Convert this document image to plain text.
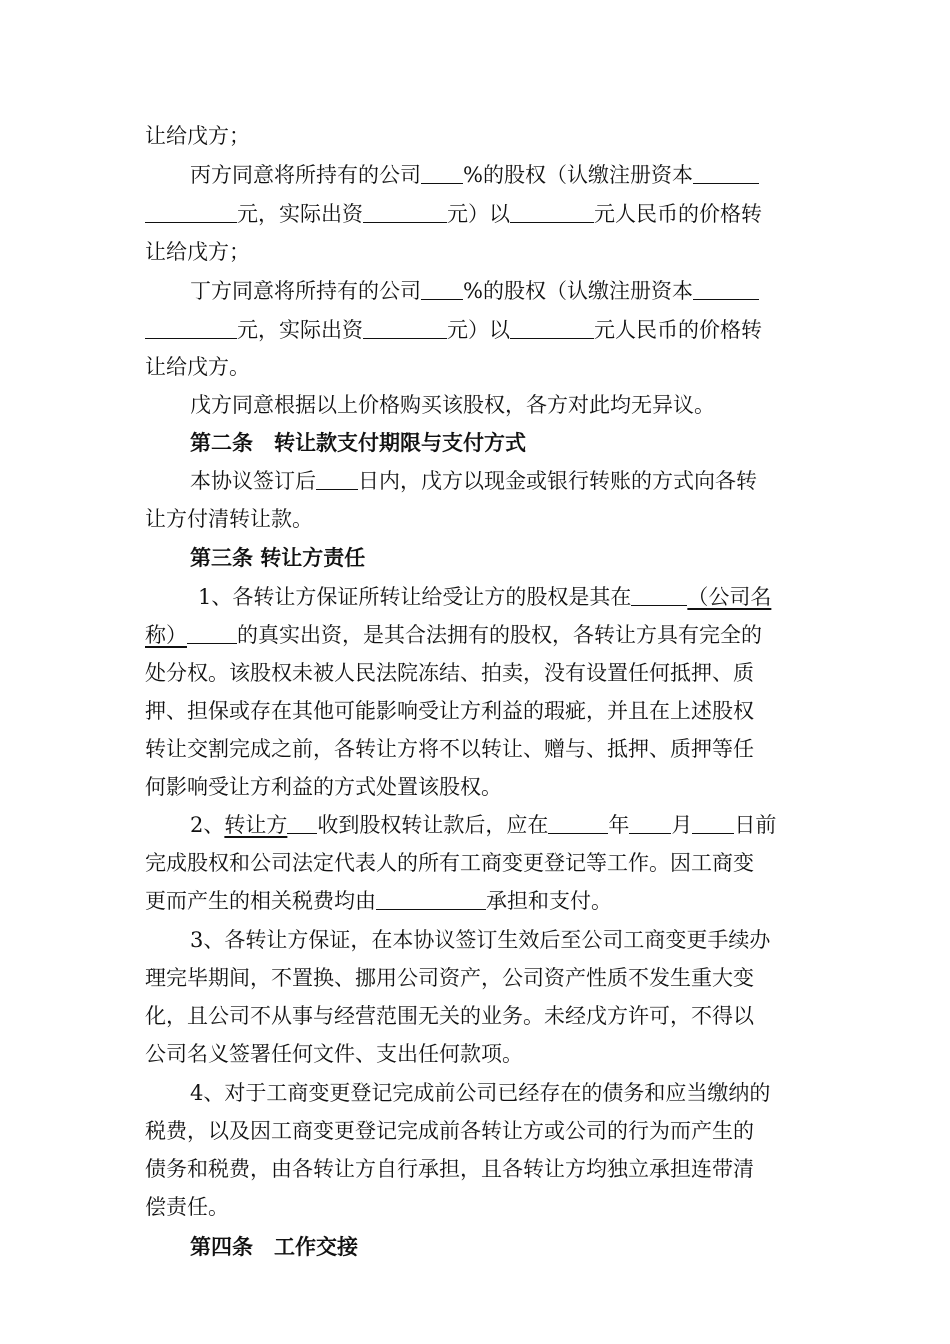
让给戊方；
丙方同意将所持有的公司 %的股权（认缴注册资本
元，实际出资	元）以	元人民币的价格转
让给戊方；
丁方同意将所持有的公司 %的股权（认缴注册资本
元，实际出资	元）以	元人民币的价格转
让给戊方。
戊方同意根据以上价格购买该股权，各方对此均无异议。
第二条　转让款支付期限与支付方式
本协议签订后 日内，戊方以现金或银行转账的方式向各转
让方付清转让款。
第三条 转让方责任
1、各转让方保证所转让给受让方的股权是其在	（公司名
称） 的真实出资，是其合法拥有的股权，各转让方具有完全的
处分权。该股权未被人民法院冻结、拍卖，没有设置任何抵押、质
押、担保或存在其他可能影响受让方利益的瑕疵，并且在上述股权
转让交割完成之前，各转让方将不以转让、赠与、抵押、质押等任
何影响受让方利益的方式处置该股权。
2、转让方 收到股权转让款后，应在	年 月 日前
完成股权和公司法定代表人的所有工商变更登记等工作。因工商变
更而产生的相关税费均由	承担和支付。
3、各转让方保证，在本协议签订生效后至公司工商变更手续办
理完毕期间，不置换、挪用公司资产，公司资产性质不发生重大变
化，且公司不从事与经营范围无关的业务。未经戊方许可，不得以
公司名义签署任何文件、支出任何款项。
4、对于工商变更登记完成前公司已经存在的债务和应当缴纳的
税费，以及因工商变更登记完成前各转让方或公司的行为而产生的
债务和税费，由各转让方自行承担，且各转让方均独立承担连带清
偿责任。
第四条　工作交接
